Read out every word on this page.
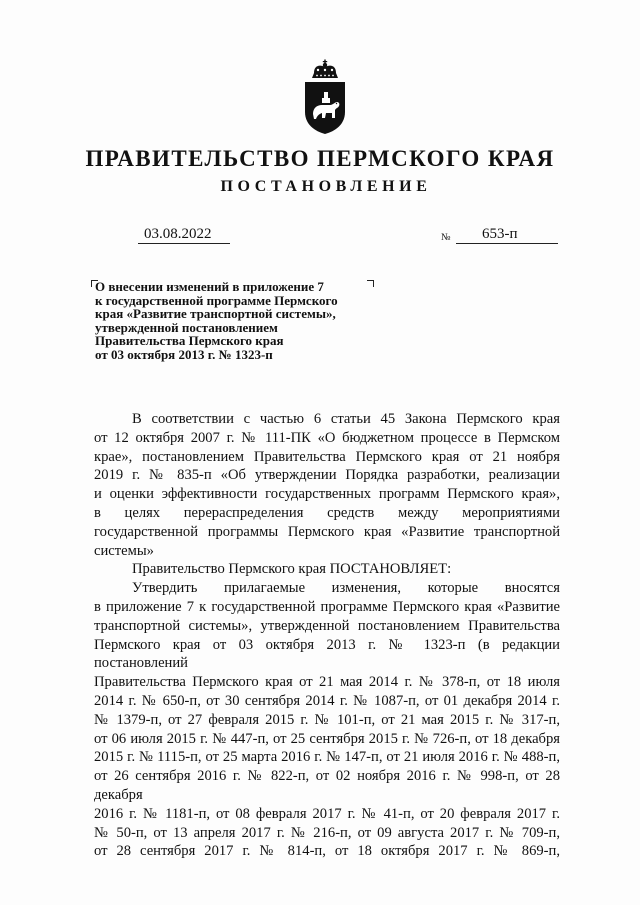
ПРАВИТЕЛЬСТВО ПЕРМСКОГО КРАЯ
ПОСТАНОВЛЕНИЕ
03.08.2022	№	653-п
О внесении изменений в приложение 7
к государственной программе Пермского
края «Развитие транспортной системы»,
утвержденной постановлением
Правительства Пермского края
от 03 октября 2013 г. № 1323-п
В соответствии с частью 6 статьи 45 Закона Пермского края
от 12 октября 2007 г. № 111-ПК «О бюджетном процессе в Пермском
крае», постановлением Правительства Пермского края от 21 ноября
2019 г. № 835-п «Об утверждении Порядка разработки, реализации
и оценки эффективности государственных программ Пермского края»,
в целях перераспределения средств между мероприятиями
государственной программы Пермского края «Развитие транспортной
системы»
Правительство Пермского края ПОСТАНОВЛЯЕТ:
Утвердить прилагаемые изменения, которые вносятся
в приложение 7 к государственной программе Пермского края «Развитие
транспортной системы», утвержденной постановлением Правительства
Пермского края от 03 октября 2013 г. № 1323-п (в редакции постановлений
Правительства Пермского края от 21 мая 2014 г. № 378-п, от 18 июля
2014 г. № 650-п, от 30 сентября 2014 г. № 1087-п, от 01 декабря 2014 г.
№ 1379-п, от 27 февраля 2015 г. № 101-п, от 21 мая 2015 г. № 317-п,
от 06 июля 2015 г. № 447-п, от 25 сентября 2015 г. № 726-п, от 18 декабря
2015 г. № 1115-п, от 25 марта 2016 г. № 147-п, от 21 июля 2016 г. № 488-п,
от 26 сентября 2016 г. № 822-п, от 02 ноября 2016 г. № 998-п, от 28 декабря
2016 г. № 1181-п, от 08 февраля 2017 г. № 41-п, от 20 февраля 2017 г.
№ 50-п, от 13 апреля 2017 г. № 216-п, от 09 августа 2017 г. № 709-п,
от 28 сентября 2017 г. № 814-п, от 18 октября 2017 г. № 869-п,
